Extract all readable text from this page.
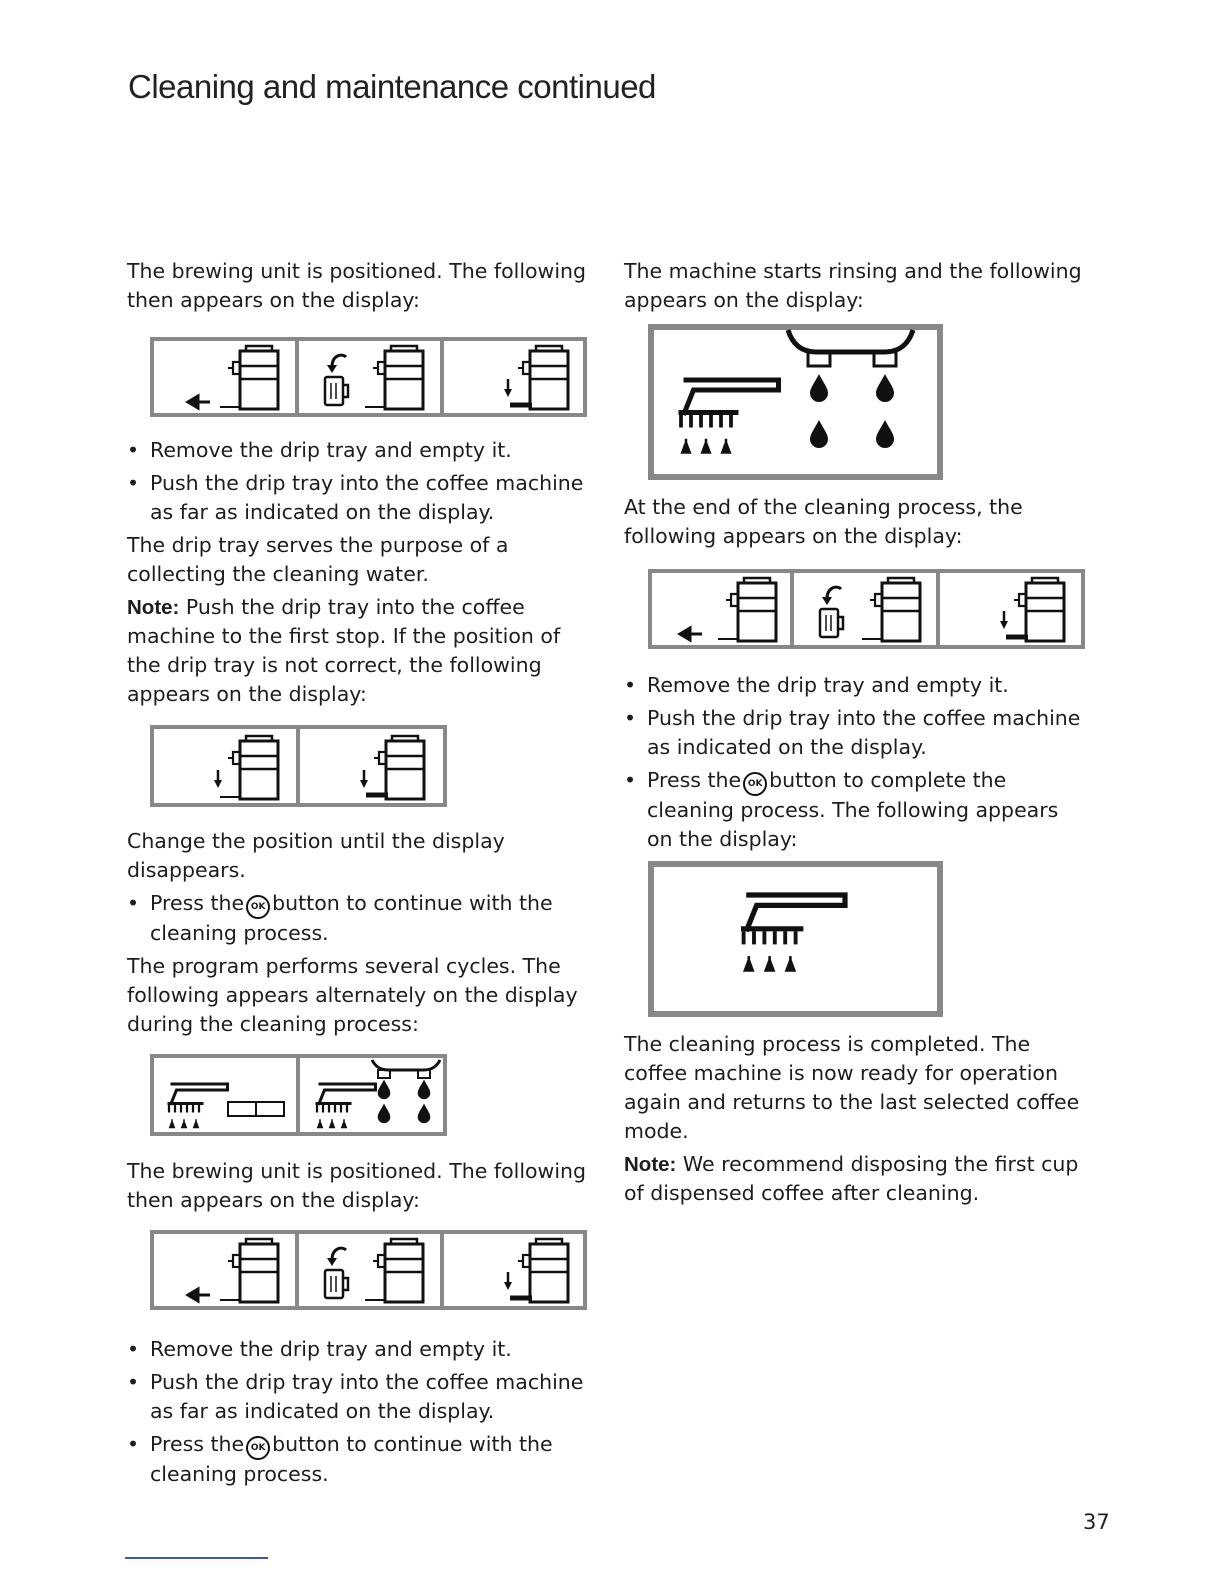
Cleaning and maintenance continued

The brewing unit is positioned. The following then appears on the display:

• Remove the drip tray and empty it.
• Push the drip tray into the coffee machine as far as indicated on the display.

The drip tray serves the purpose of a collecting the cleaning water.

Note: Push the drip tray into the coffee machine to the first stop. If the position of the drip tray is not correct, the following appears on the display:

Change the position until the display disappears.

• Press the OK button to continue with the cleaning process.

The program performs several cycles. The following appears alternately on the display during the cleaning process:

The brewing unit is positioned. The following then appears on the display:

• Remove the drip tray and empty it.
• Push the drip tray into the coffee machine as far as indicated on the display.
• Press the OK button to continue with the cleaning process.

The machine starts rinsing and the following appears on the display:

At the end of the cleaning process, the following appears on the display:

• Remove the drip tray and empty it.
• Push the drip tray into the coffee machine as indicated on the display.
• Press the OK button to complete the cleaning process. The following appears on the display:

The cleaning process is completed. The coffee machine is now ready for operation again and returns to the last selected coffee mode.

Note: We recommend disposing the first cup of dispensed coffee after cleaning.

37
